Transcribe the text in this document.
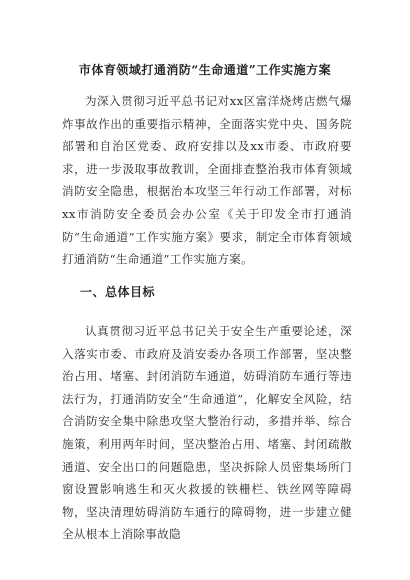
市体育领域打通消防“生命通道”工作实施方案

为深入贯彻习近平总书记对xx区富洋烧烤店燃气爆炸事故作出的重要指示精神，全面落实党中央、国务院部署和自治区党委、政府安排以及xx市委、市政府要求，进一步汲取事故教训，全面排查整治我市体育领域消防安全隐患，根据治本攻坚三年行动工作部署，对标xx市消防安全委员会办公室《关于印发全市打通消防“生命通道”工作实施方案》要求，制定全市体育领域打通消防“生命通道”工作实施方案。

一、总体目标

认真贯彻习近平总书记关于安全生产重要论述，深入落实市委、市政府及消安委办各项工作部署，坚决整治占用、堵塞、封闭消防车通道，妨碍消防车通行等违法行为，打通消防安全“生命通道”，化解安全风险，结合消防安全集中除患攻坚大整治行动，多措并举、综合施策，利用两年时间，坚决整治占用、堵塞、封闭疏散通道、安全出口的问题隐患，坚决拆除人员密集场所门窗设置影响逃生和灭火救援的铁栅栏、铁丝网等障碍物，坚决清理妨碍消防车通行的障碍物，进一步建立健全从根本上消除事故隐
